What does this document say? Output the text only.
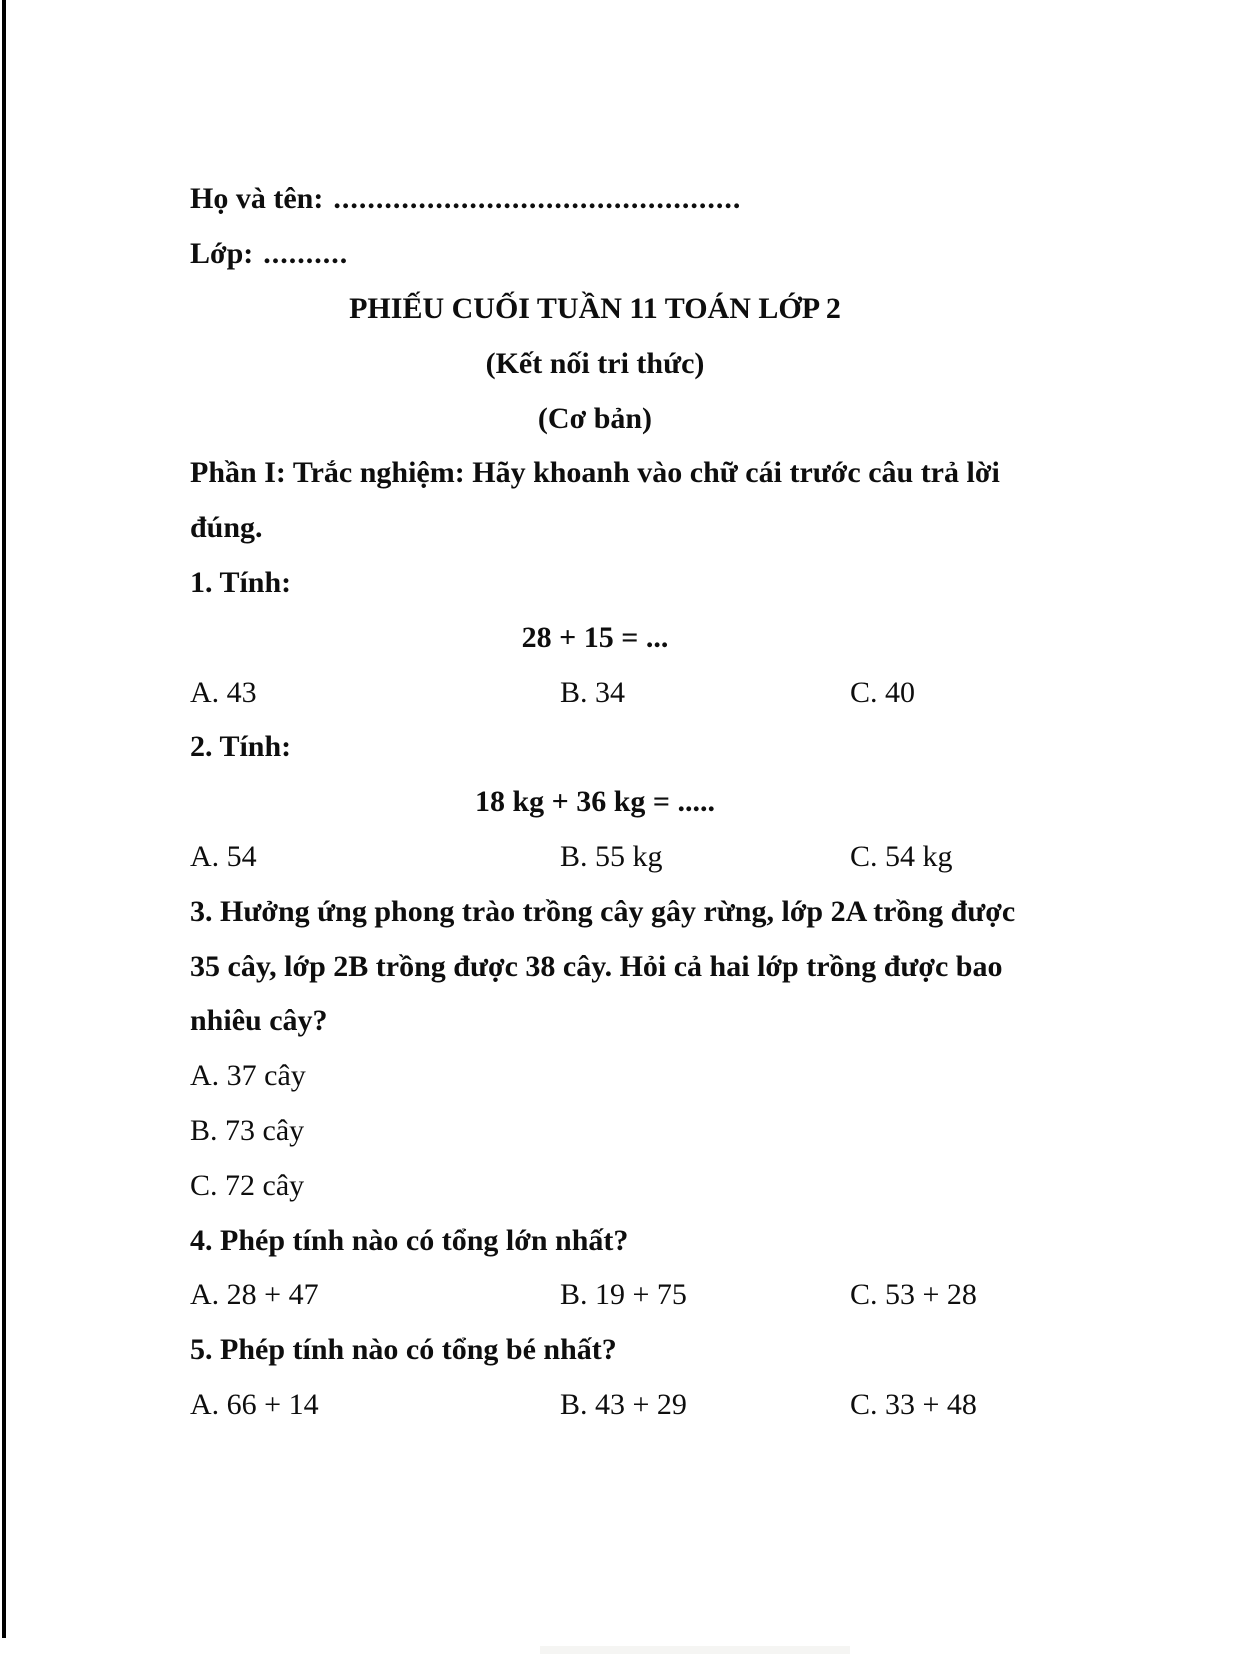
Họ và tên: ................................................
Lớp: ..........
PHIẾU CUỐI TUẦN 11 TOÁN LỚP 2
(Kết nối tri thức)
(Cơ bản)
Phần I: Trắc nghiệm: Hãy khoanh vào chữ cái trước câu trả lời
đúng.
1. Tính:
28 + 15 = ...
A. 43	B. 34	C. 40
2. Tính:
18 kg + 36 kg = .....
A. 54	B. 55 kg	C. 54 kg
3. Hưởng ứng phong trào trồng cây gây rừng, lớp 2A trồng được
35 cây, lớp 2B trồng được 38 cây. Hỏi cả hai lớp trồng được bao
nhiêu cây?
A. 37 cây
B. 73 cây
C. 72 cây
4. Phép tính nào có tổng lớn nhất?
A. 28 + 47	B. 19 + 75	C. 53 + 28
5. Phép tính nào có tổng bé nhất?
A. 66 + 14	B. 43 + 29	C. 33 + 48
